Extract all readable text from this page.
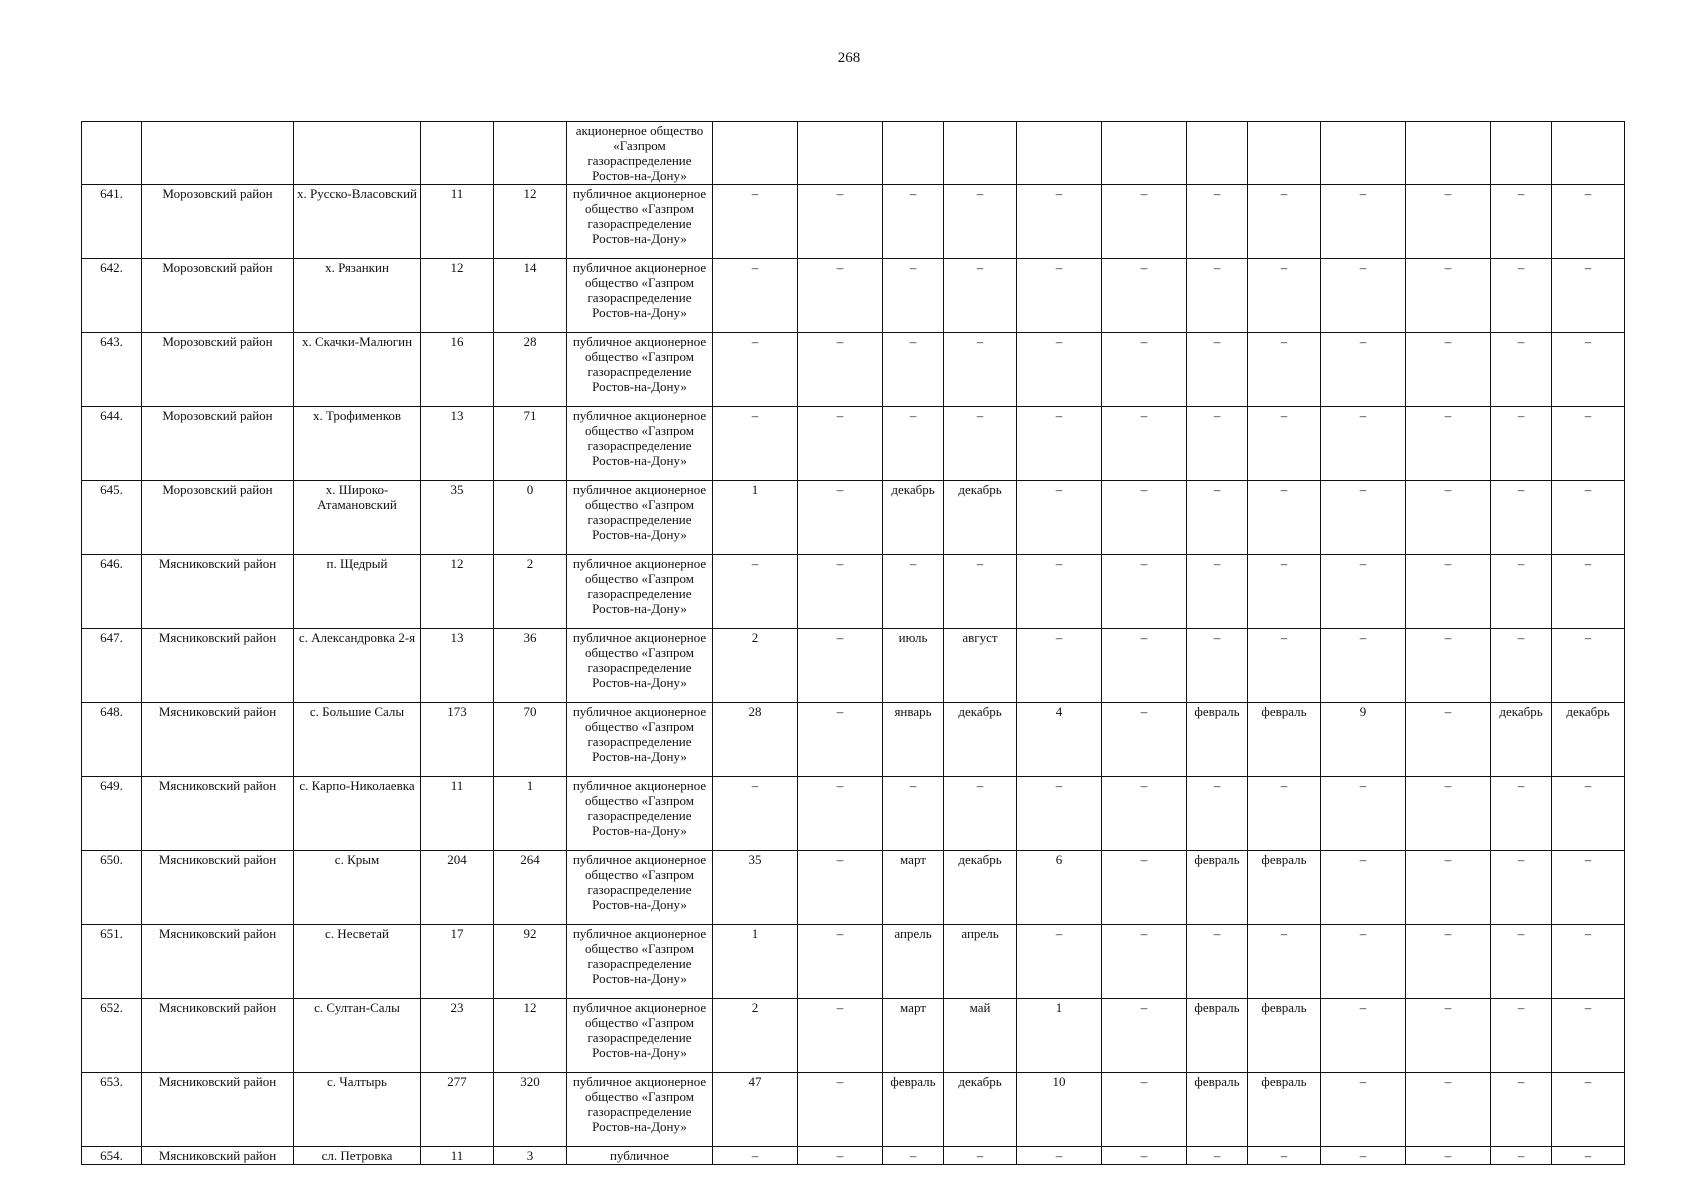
268
					акционерное общество «Газпром газораспределение Ростов-на-Дону»												
641.	Морозовский район	х. Русско-Власовский	11	12	публичное акционерное общество «Газпром газораспределение Ростов-на-Дону»	–	–	–	–	–	–	–	–	–	–	–	–
642.	Морозовский район	х. Рязанкин	12	14	публичное акционерное общество «Газпром газораспределение Ростов-на-Дону»	–	–	–	–	–	–	–	–	–	–	–	–
643.	Морозовский район	х. Скачки-Малюгин	16	28	публичное акционерное общество «Газпром газораспределение Ростов-на-Дону»	–	–	–	–	–	–	–	–	–	–	–	–
644.	Морозовский район	х. Трофименков	13	71	публичное акционерное общество «Газпром газораспределение Ростов-на-Дону»	–	–	–	–	–	–	–	–	–	–	–	–
645.	Морозовский район	х. Широко-Атамановский	35	0	публичное акционерное общество «Газпром газораспределение Ростов-на-Дону»	1	–	декабрь	декабрь	–	–	–	–	–	–	–	–
646.	Мясниковский район	п. Щедрый	12	2	публичное акционерное общество «Газпром газораспределение Ростов-на-Дону»	–	–	–	–	–	–	–	–	–	–	–	–
647.	Мясниковский район	с. Александровка 2-я	13	36	публичное акционерное общество «Газпром газораспределение Ростов-на-Дону»	2	–	июль	август	–	–	–	–	–	–	–	–
648.	Мясниковский район	с. Большие Салы	173	70	публичное акционерное общество «Газпром газораспределение Ростов-на-Дону»	28	–	январь	декабрь	4	–	февраль	февраль	9	–	декабрь	декабрь
649.	Мясниковский район	с. Карпо-Николаевка	11	1	публичное акционерное общество «Газпром газораспределение Ростов-на-Дону»	–	–	–	–	–	–	–	–	–	–	–	–
650.	Мясниковский район	с. Крым	204	264	публичное акционерное общество «Газпром газораспределение Ростов-на-Дону»	35	–	март	декабрь	6	–	февраль	февраль	–	–	–	–
651.	Мясниковский район	с. Несветай	17	92	публичное акционерное общество «Газпром газораспределение Ростов-на-Дону»	1	–	апрель	апрель	–	–	–	–	–	–	–	–
652.	Мясниковский район	с. Султан-Салы	23	12	публичное акционерное общество «Газпром газораспределение Ростов-на-Дону»	2	–	март	май	1	–	февраль	февраль	–	–	–	–
653.	Мясниковский район	с. Чалтырь	277	320	публичное акционерное общество «Газпром газораспределение Ростов-на-Дону»	47	–	февраль	декабрь	10	–	февраль	февраль	–	–	–	–
654.	Мясниковский район	сл. Петровка	11	3	публичное	–	–	–	–	–	–	–	–	–	–	–	–
